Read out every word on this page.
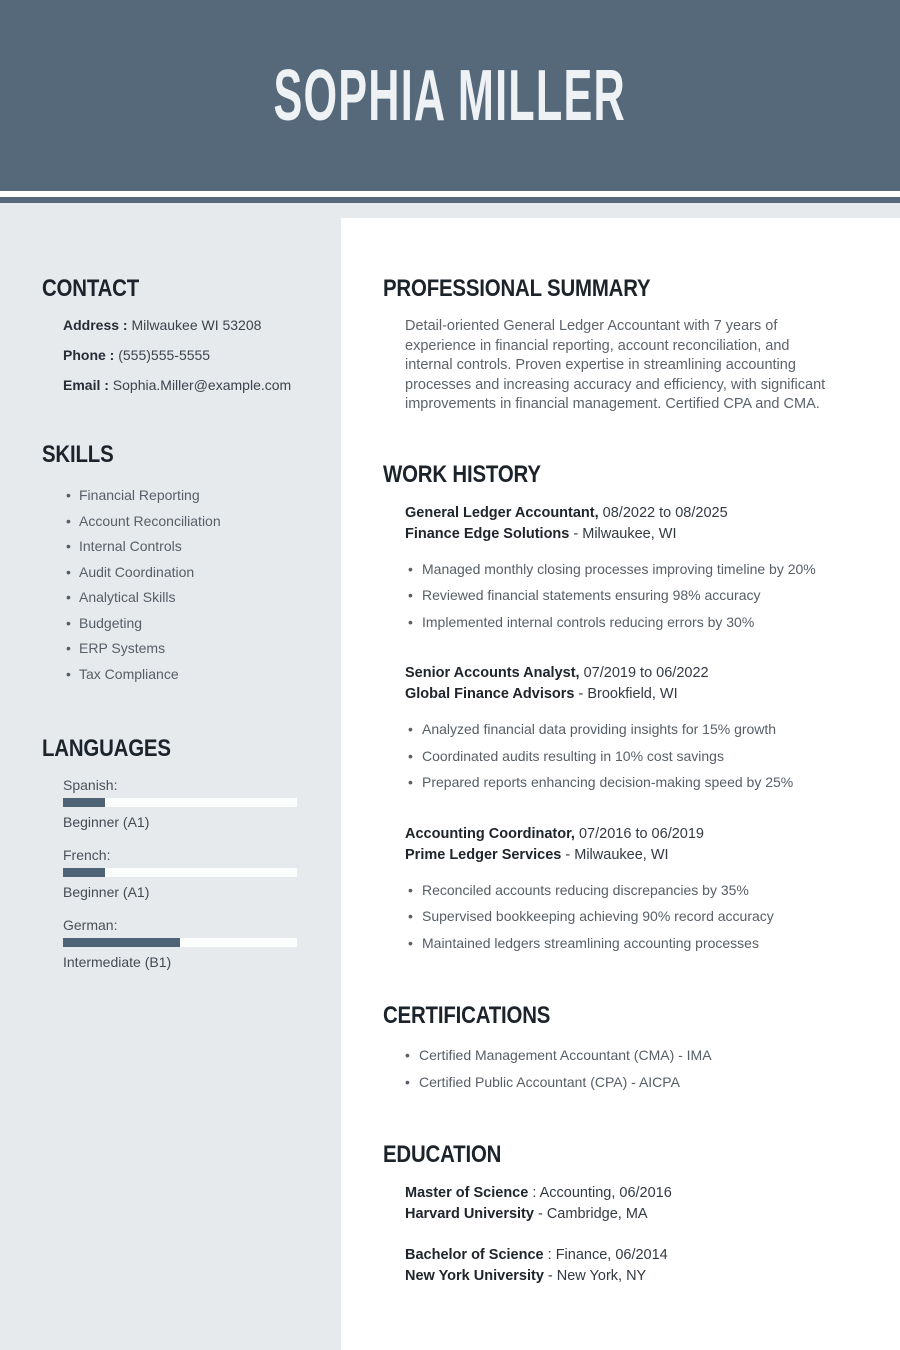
SOPHIA MILLER
CONTACT
Address : Milwaukee WI 53208
Phone : (555)555-5555
Email : Sophia.Miller@example.com
SKILLS
• Financial Reporting
• Account Reconciliation
• Internal Controls
• Audit Coordination
• Analytical Skills
• Budgeting
• ERP Systems
• Tax Compliance
LANGUAGES
Spanish:
Beginner (A1)
French:
Beginner (A1)
German:
Intermediate (B1)
PROFESSIONAL SUMMARY

Detail-oriented General Ledger Accountant with 7 years of experience in financial reporting, account reconciliation, and internal controls. Proven expertise in streamlining accounting processes and increasing accuracy and efficiency, with significant improvements in financial management. Certified CPA and CMA.

WORK HISTORY
General Ledger Accountant, 08/2022 to 08/2025
Finance Edge Solutions - Milwaukee, WI
• Managed monthly closing processes improving timeline by 20%
• Reviewed financial statements ensuring 98% accuracy
• Implemented internal controls reducing errors by 30%
Senior Accounts Analyst, 07/2019 to 06/2022
Global Finance Advisors - Brookfield, WI
• Analyzed financial data providing insights for 15% growth
• Coordinated audits resulting in 10% cost savings
• Prepared reports enhancing decision-making speed by 25%
Accounting Coordinator, 07/2016 to 06/2019
Prime Ledger Services - Milwaukee, WI
• Reconciled accounts reducing discrepancies by 35%
• Supervised bookkeeping achieving 90% record accuracy
• Maintained ledgers streamlining accounting processes
CERTIFICATIONS
• Certified Management Accountant (CMA) - IMA
• Certified Public Accountant (CPA) - AICPA
EDUCATION
Master of Science : Accounting, 06/2016
Harvard University - Cambridge, MA
Bachelor of Science : Finance, 06/2014
New York University - New York, NY
